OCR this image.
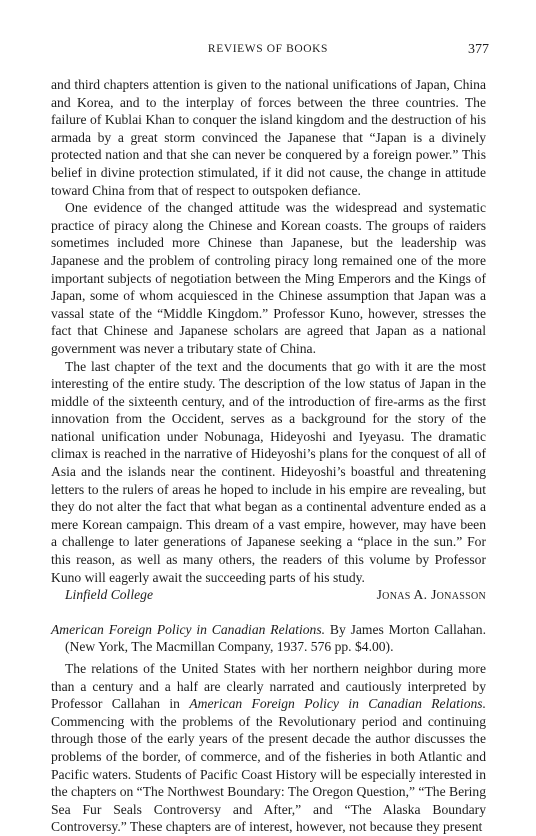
REVIEWS OF BOOKS	377

and third chapters attention is given to the national unifications of Japan, China and Korea, and to the interplay of forces between the three countries. The failure of Kublai Khan to conquer the island kingdom and the destruction of his armada by a great storm convinced the Japanese that “Japan is a divinely protected nation and that she can never be conquered by a foreign power.” This belief in divine protection stimulated, if it did not cause, the change in attitude toward China from that of respect to outspoken defiance.

One evidence of the changed attitude was the widespread and systematic practice of piracy along the Chinese and Korean coasts. The groups of raiders sometimes included more Chinese than Japanese, but the leadership was Japanese and the problem of controling piracy long remained one of the more important subjects of negotiation between the Ming Emperors and the Kings of Japan, some of whom acquiesced in the Chinese assumption that Japan was a vassal state of the “Middle Kingdom.” Professor Kuno, however, stresses the fact that Chinese and Japanese scholars are agreed that Japan as a national government was never a tributary state of China.

The last chapter of the text and the documents that go with it are the most interesting of the entire study. The description of the low status of Japan in the middle of the sixteenth century, and of the introduction of fire-arms as the first innovation from the Occident, serves as a background for the story of the national unification under Nobunaga, Hideyoshi and Iyeyasu. The dramatic climax is reached in the narrative of Hideyoshi’s plans for the conquest of all of Asia and the islands near the continent. Hideyoshi’s boastful and threatening letters to the rulers of areas he hoped to include in his empire are revealing, but they do not alter the fact that what began as a continental adventure ended as a mere Korean campaign. This dream of a vast empire, however, may have been a challenge to later generations of Japanese seeking a “place in the sun.” For this reason, as well as many others, the readers of this volume by Professor Kuno will eagerly await the succeeding parts of his study.

Linfield College	Jonas A. Jonasson

American Foreign Policy in Canadian Relations. By James Morton Callahan. (New York, The Macmillan Company, 1937. 576 pp. $4.00).

The relations of the United States with her northern neighbor during more than a century and a half are clearly narrated and cautiously interpreted by Professor Callahan in American Foreign Policy in Canadian Relations. Commencing with the problems of the Revolutionary period and continuing through those of the early years of the present decade the author discusses the problems of the border, of commerce, and of the fisheries in both Atlantic and Pacific waters. Students of Pacific Coast History will be especially interested in the chapters on “The Northwest Boundary: The Oregon Question,” “The Bering Sea Fur Seals Controversy and After,” and “The Alaska Boundary Controversy.” These chapters are of interest, however, not because they present
